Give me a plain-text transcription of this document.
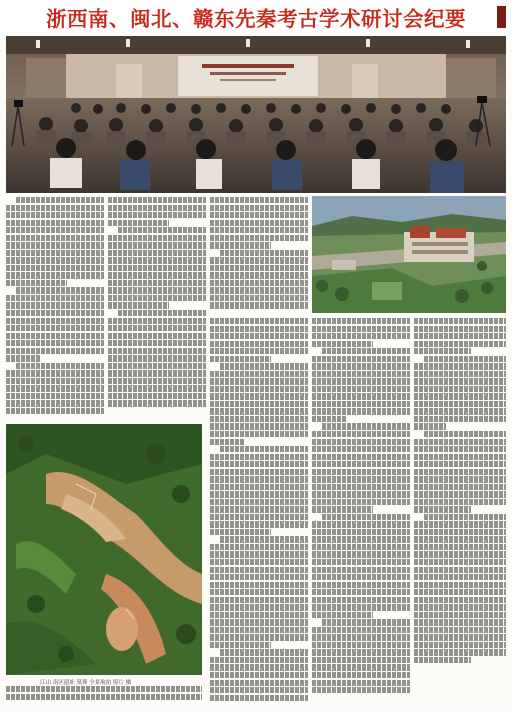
浙西南、闽北、赣东先秦考古学术研讨会纪要
江山 南区遗址 墓葬 全景航拍 照片 摄
